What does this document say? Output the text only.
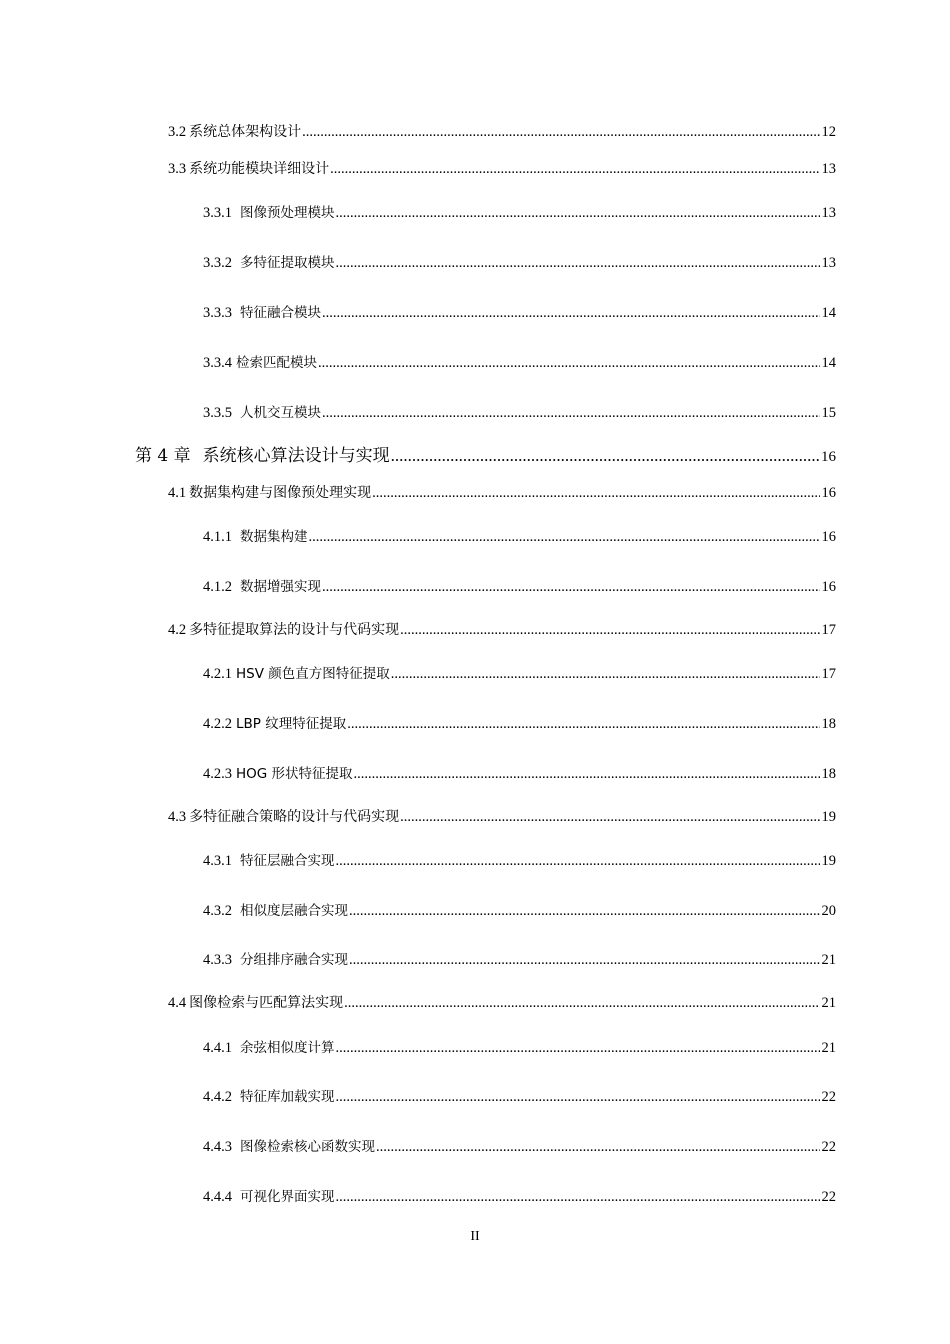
3.2 系统总体架构设计 .....	12
3.3 系统功能模块详细设计 .....	13
3.3.1 图像预处理模块 .....	13
3.3.2 多特征提取模块 .....	13
3.3.3 特征融合模块 .....	14
3.3.4 检索匹配模块 .....	14
3.3.5 人机交互模块 .....	15
第 4 章 系统核心算法设计与实现 .....	16
4.1 数据集构建与图像预处理实现 .....	16
4.1.1 数据集构建 .....	16
4.1.2 数据增强实现 .....	16
4.2 多特征提取算法的设计与代码实现 .....	17
4.2.1 HSV 颜色直方图特征提取 .....	17
4.2.2 LBP 纹理特征提取 .....	18
4.2.3 HOG 形状特征提取 .....	18
4.3 多特征融合策略的设计与代码实现 .....	19
4.3.1 特征层融合实现 .....	19
4.3.2 相似度层融合实现 .....	20
4.3.3 分组排序融合实现 .....	21
4.4 图像检索与匹配算法实现 .....	21
4.4.1 余弦相似度计算 .....	21
4.4.2 特征库加载实现 .....	22
4.4.3 图像检索核心函数实现 .....	22
4.4.4 可视化界面实现 .....	22
II
